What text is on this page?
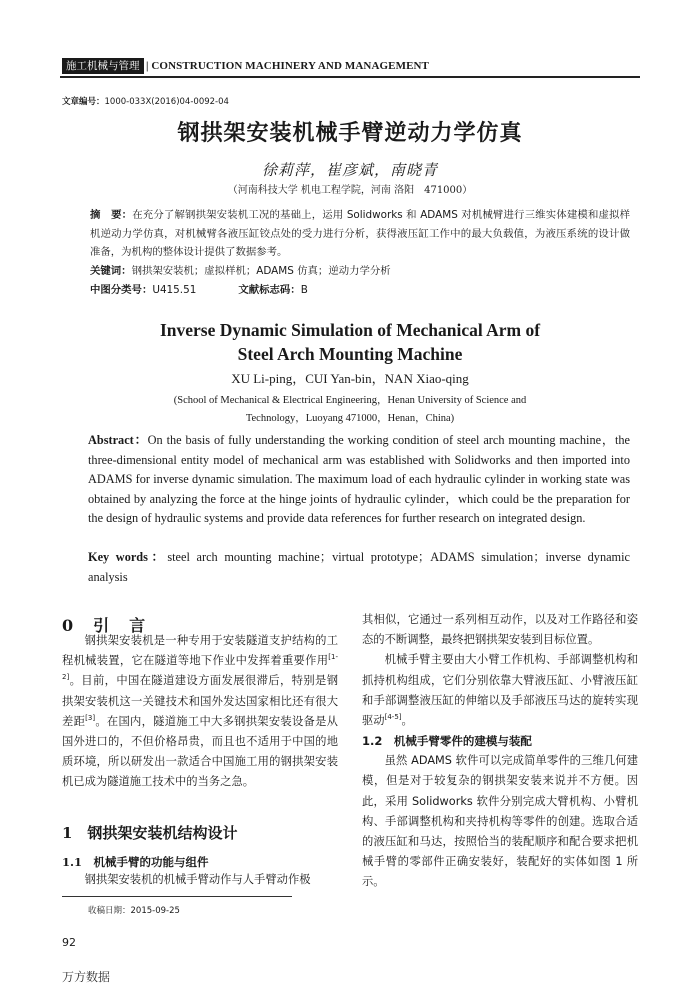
施工机械与管理 | CONSTRUCTION MACHINERY AND MANAGEMENT
文章编号：1000-033X(2016)04-0092-04
钢拱架安装机械手臂逆动力学仿真
徐莉萍，崔彦斌，南晓青
（河南科技大学 机电工程学院，河南 洛阳　471000）
摘　要：在充分了解钢拱架安装机工况的基础上，运用 Solidworks 和 ADAMS 对机械臂进行三维实体建模和虚拟样机逆动力学仿真，对机械臂各液压缸铰点处的受力进行分析，获得液压缸工作中的最大负载值，为液压系统的设计做准备，为机构的整体设计提供了数据参考。
关键词：钢拱架安装机；虚拟样机；ADAMS 仿真；逆动力学分析
中图分类号：U415.51	文献标志码：B
Inverse Dynamic Simulation of Mechanical Arm of
Steel Arch Mounting Machine
XU Li-ping，CUI Yan-bin，NAN Xiao-qing
(School of Mechanical & Electrical Engineering，Henan University of Science and
Technology，Luoyang 471000，Henan，China)
Abstract：On the basis of fully understanding the working condition of steel arch mounting machine，the three-dimensional entity model of mechanical arm was established with Solidworks and then imported into ADAMS for inverse dynamic simulation. The maximum load of each hydraulic cylinder in working state was obtained by analyzing the force at the hinge joints of hydraulic cylinder，which could be the preparation for the design of hydraulic systems and provide data references for further research on integrated design.
Key words：steel arch mounting machine；virtual prototype；ADAMS simulation；inverse dynamic analysis
0　引　言

钢拱架安装机是一种专用于安装隧道支护结构的工程机械装置，它在隧道等地下作业中发挥着重要作用[1-2]。目前，中国在隧道建设方面发展很滞后，特别是钢拱架安装机这一关键技术和国外发达国家相比还有很大差距[3]。在国内，隧道施工中大多钢拱架安装设备是从国外进口的，不但价格昂贵，而且也不适用于中国的地质环境，所以研发出一款适合中国施工用的钢拱架安装机已成为隧道施工技术中的当务之急。

1　钢拱架安装机结构设计
1.1　机械手臂的功能与组件

钢拱架安装机的机械手臂动作与人手臂动作极

其相似，它通过一系列相互动作，以及对工作路径和姿态的不断调整，最终把钢拱架安装到目标位置。

机械手臂主要由大小臂工作机构、手部调整机构和抓持机构组成，它们分别依靠大臂液压缸、小臂液压缸和手部调整液压缸的伸缩以及手部液压马达的旋转实现驱动[4-5]。

1.2　机械手臂零件的建模与装配

虽然 ADAMS 软件可以完成简单零件的三维几何建模，但是对于较复杂的钢拱架安装来说并不方便。因此，采用 Solidworks 软件分别完成大臂机构、小臂机构、手部调整机构和夹持机构等零件的创建。选取合适的液压缸和马达，按照恰当的装配顺序和配合要求把机械手臂的零部件正确安装好，装配好的实体如图 1 所示。

收稿日期：2015-09-25
92
万方数据
